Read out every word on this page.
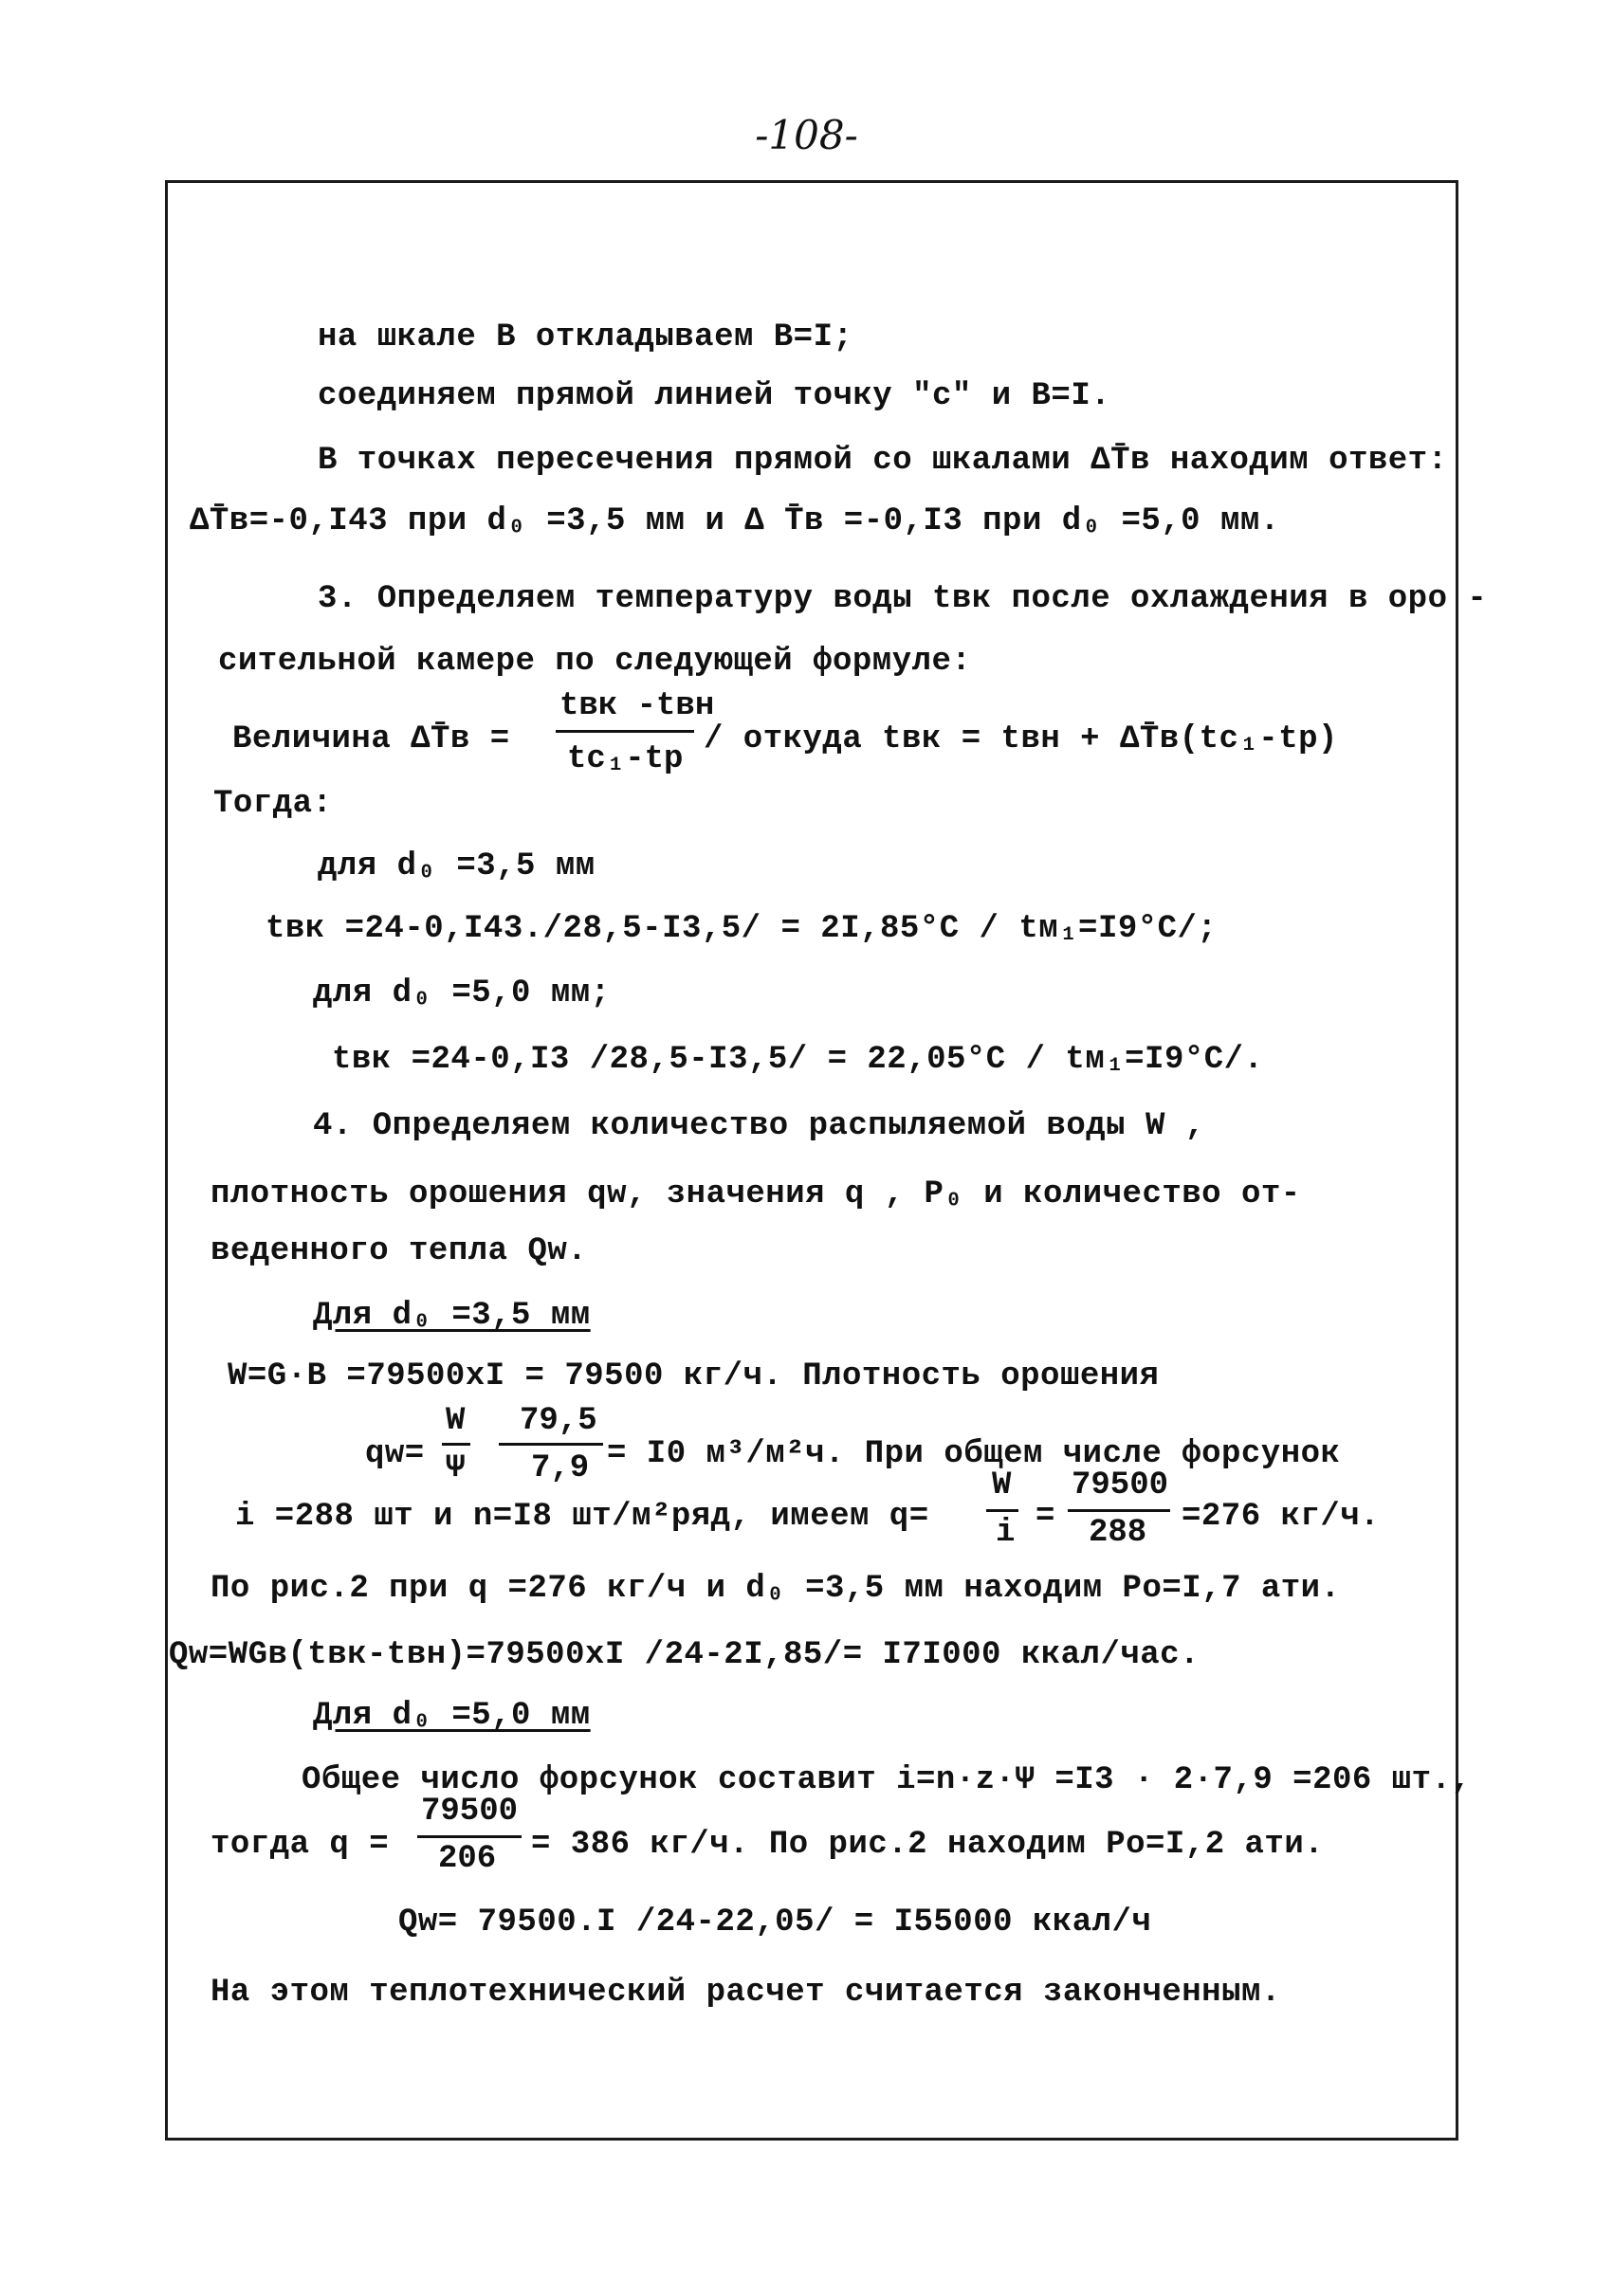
-108-
на шкале В откладываем В=I;
соединяем прямой линией точку "с" и В=I.
В точках пересечения прямой со шкалами ΔT̄в находим ответ:
ΔT̄в=-0,I43 при d₀ =3,5 мм и Δ T̄в =-0,I3 при d₀ =5,0 мм.
3. Определяем температуру воды tвк после охлаждения в оро -
сительной камере по следующей формуле:
Величина ΔT̄в =
tвк -tвн
tс₁-tр
/ откуда tвк = tвн + ΔT̄в(tс₁-tр)
Тогда:
для d₀ =3,5 мм
tвк =24-0,I43./28,5-I3,5/ = 2I,85°С / tм₁=I9°С/;
для d₀ =5,0 мм;
tвк =24-0,I3 /28,5-I3,5/ = 22,05°С / tм₁=I9°С/.
4. Определяем количество распыляемой воды W ,
плотность орошения qw, значения q , P₀ и количество от-
веденного тепла Qw.
Для d₀ =3,5 мм
W=G·B =79500хI = 79500 кг/ч. Плотность орошения
qw=
W
Ψ
79,5
7,9 = I0 м³/м²ч. При общем числе форсунок
i =288 шт и n=I8 шт/м²ряд, имеем q=
W
i =
79500
288 =276 кг/ч.
По рис.2 при q =276 кг/ч и d₀ =3,5 мм находим Po=I,7 ати.
Qw=WGв(tвк-tвн)=79500хI /24-2I,85/= I7I000 ккал/час.
Для d₀ =5,0 мм
Общее число форсунок составит i=n·z·Ψ =I3 · 2·7,9 =206 шт.,
тогда q =
79500
206 = 386 кг/ч. По рис.2 находим Po=I,2 ати.
Qw= 79500.I /24-22,05/ = I55000 ккал/ч
На этом теплотехнический расчет считается законченным.
